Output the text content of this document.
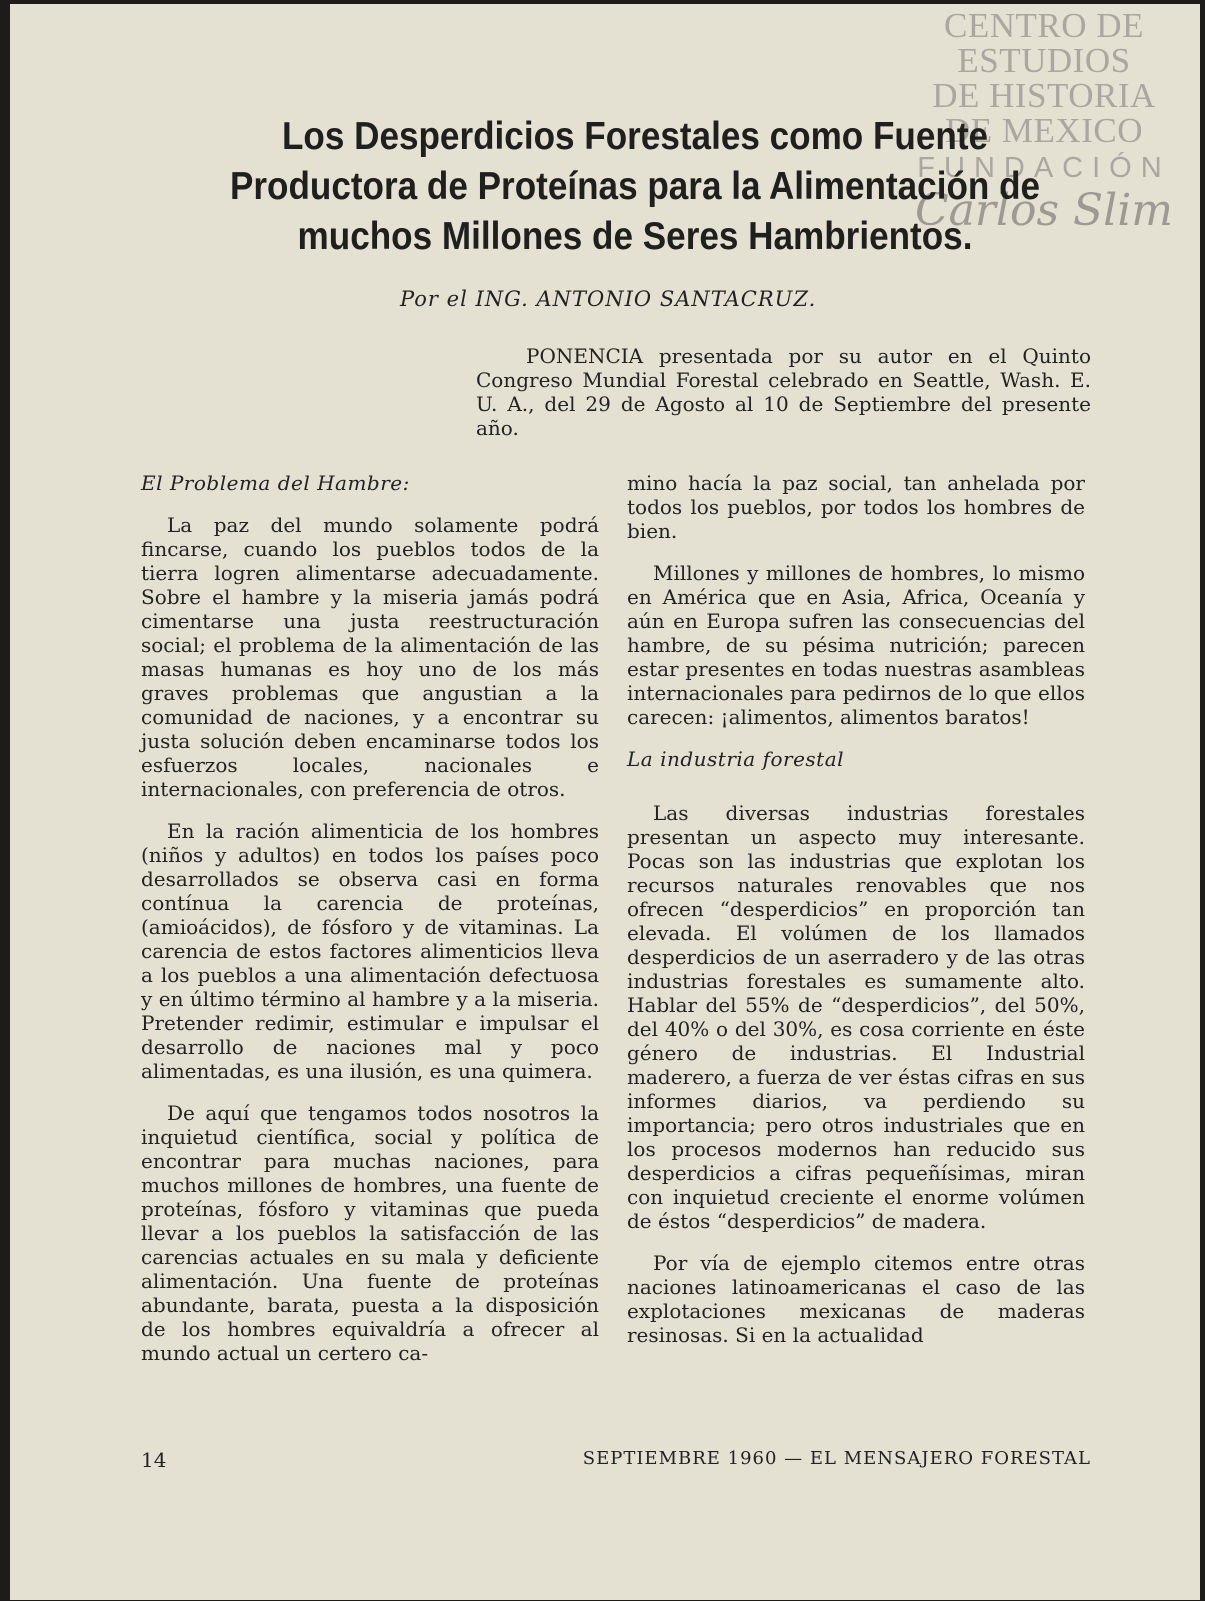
CENTRO DE
ESTUDIOS
DE HISTORIA
DE MEXICO
FUNDACIÓN
Carlos Slim
Los Desperdicios Forestales como Fuente Productora de Proteínas para la Alimentación de muchos Millones de Seres Hambrientos.

Por el ING. ANTONIO SANTACRUZ.

PONENCIA presentada por su autor en el Quinto Congreso Mundial Forestal celebrado en Seattle, Wash. E. U. A., del 29 de Agosto al 10 de Septiembre del presente año.

El Problema del Hambre:

La paz del mundo solamente podrá fincarse, cuando los pueblos todos de la tierra logren alimentarse adecuadamente. Sobre el hambre y la miseria jamás podrá cimentarse una justa reestructuración social; el problema de la alimentación de las masas humanas es hoy uno de los más graves problemas que angustian a la comunidad de naciones, y a encontrar su justa solución deben encaminarse todos los esfuerzos locales, nacionales e internacionales, con preferencia de otros.

En la ración alimenticia de los hombres (niños y adultos) en todos los países poco desarrollados se observa casi en forma contínua la carencia de proteínas, (amioácidos), de fósforo y de vitaminas. La carencia de estos factores alimenticios lleva a los pueblos a una alimentación defectuosa y en último término al hambre y a la miseria. Pretender redimir, estimular e impulsar el desarrollo de naciones mal y poco alimentadas, es una ilusión, es una quimera.

De aquí que tengamos todos nosotros la inquietud científica, social y política de encontrar para muchas naciones, para muchos millones de hombres, una fuente de proteínas, fósforo y vitaminas que pueda llevar a los pueblos la satisfacción de las carencias actuales en su mala y deficiente alimentación. Una fuente de proteínas abundante, barata, puesta a la disposición de los hombres equivaldría a ofrecer al mundo actual un certero ca-

mino hacía la paz social, tan anhelada por todos los pueblos, por todos los hombres de bien.

Millones y millones de hombres, lo mismo en América que en Asia, Africa, Oceanía y aún en Europa sufren las consecuencias del hambre, de su pésima nutrición; parecen estar presentes en todas nuestras asambleas internacionales para pedirnos de lo que ellos carecen: ¡alimentos, alimentos baratos!

La industria forestal

Las diversas industrias forestales presentan un aspecto muy interesante. Pocas son las industrias que explotan los recursos naturales renovables que nos ofrecen “desperdicios” en proporción tan elevada. El volúmen de los llamados desperdicios de un aserradero y de las otras industrias forestales es sumamente alto. Hablar del 55% de “desperdicios”, del 50%, del 40% o del 30%, es cosa corriente en éste género de industrias. El Industrial maderero, a fuerza de ver éstas cifras en sus informes diarios, va perdiendo su importancia; pero otros industriales que en los procesos modernos han reducido sus desperdicios a cifras pequeñísimas, miran con inquietud creciente el enorme volúmen de éstos “desperdicios” de madera.

Por vía de ejemplo citemos entre otras naciones latinoamericanas el caso de las explotaciones mexicanas de maderas resinosas. Si en la actualidad

14	SEPTIEMBRE 1960 — EL MENSAJERO FORESTAL
